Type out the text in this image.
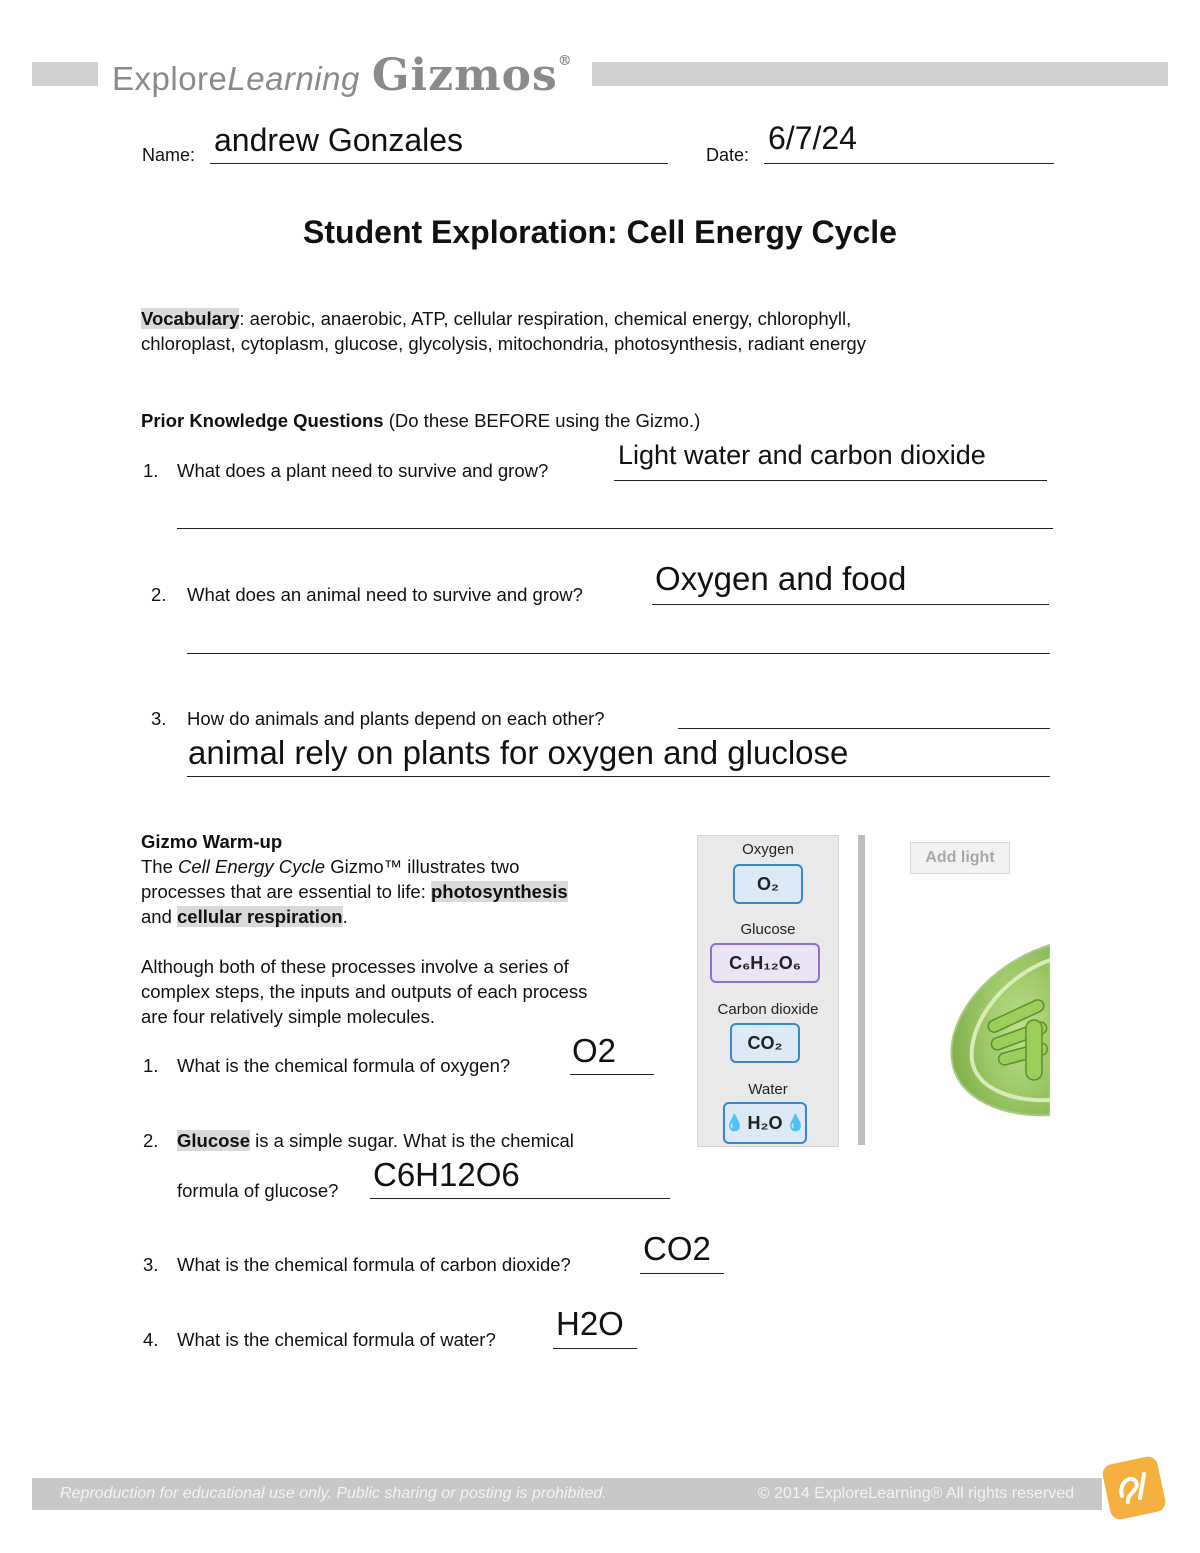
ExploreLearning Gizmos®
Name: andrew Gonzales	Date: 6/7/24
Student Exploration: Cell Energy Cycle
Vocabulary: aerobic, anaerobic, ATP, cellular respiration, chemical energy, chlorophyll,
chloroplast, cytoplasm, glucose, glycolysis, mitochondria, photosynthesis, radiant energy
Prior Knowledge Questions (Do these BEFORE using the Gizmo.)
1. What does a plant need to survive and grow?
Light water and carbon dioxide
2. What does an animal need to survive and grow? Oxygen and food
3. How do animals and plants depend on each other?
animal rely on plants for oxygen and gluclose
Gizmo Warm-up
The Cell Energy Cycle Gizmo™ illustrates two
processes that are essential to life: photosynthesis
and cellular respiration.
Although both of these processes involve a series of
complex steps, the inputs and outputs of each process
are four relatively simple molecules.
1. What is the chemical formula of oxygen? O2
2. Glucose is a simple sugar. What is the chemical
formula of glucose? C6H12O6
3. What is the chemical formula of carbon dioxide? CO2
4. What is the chemical formula of water? H2O
Oxygen
O₂
Glucose
C₆H₁₂O₆
Carbon dioxide
CO₂
Water
💧 H₂O 💧
Add light
Reproduction for educational use only. Public sharing or posting is prohibited.	© 2014 ExploreLearning® All rights reserved
